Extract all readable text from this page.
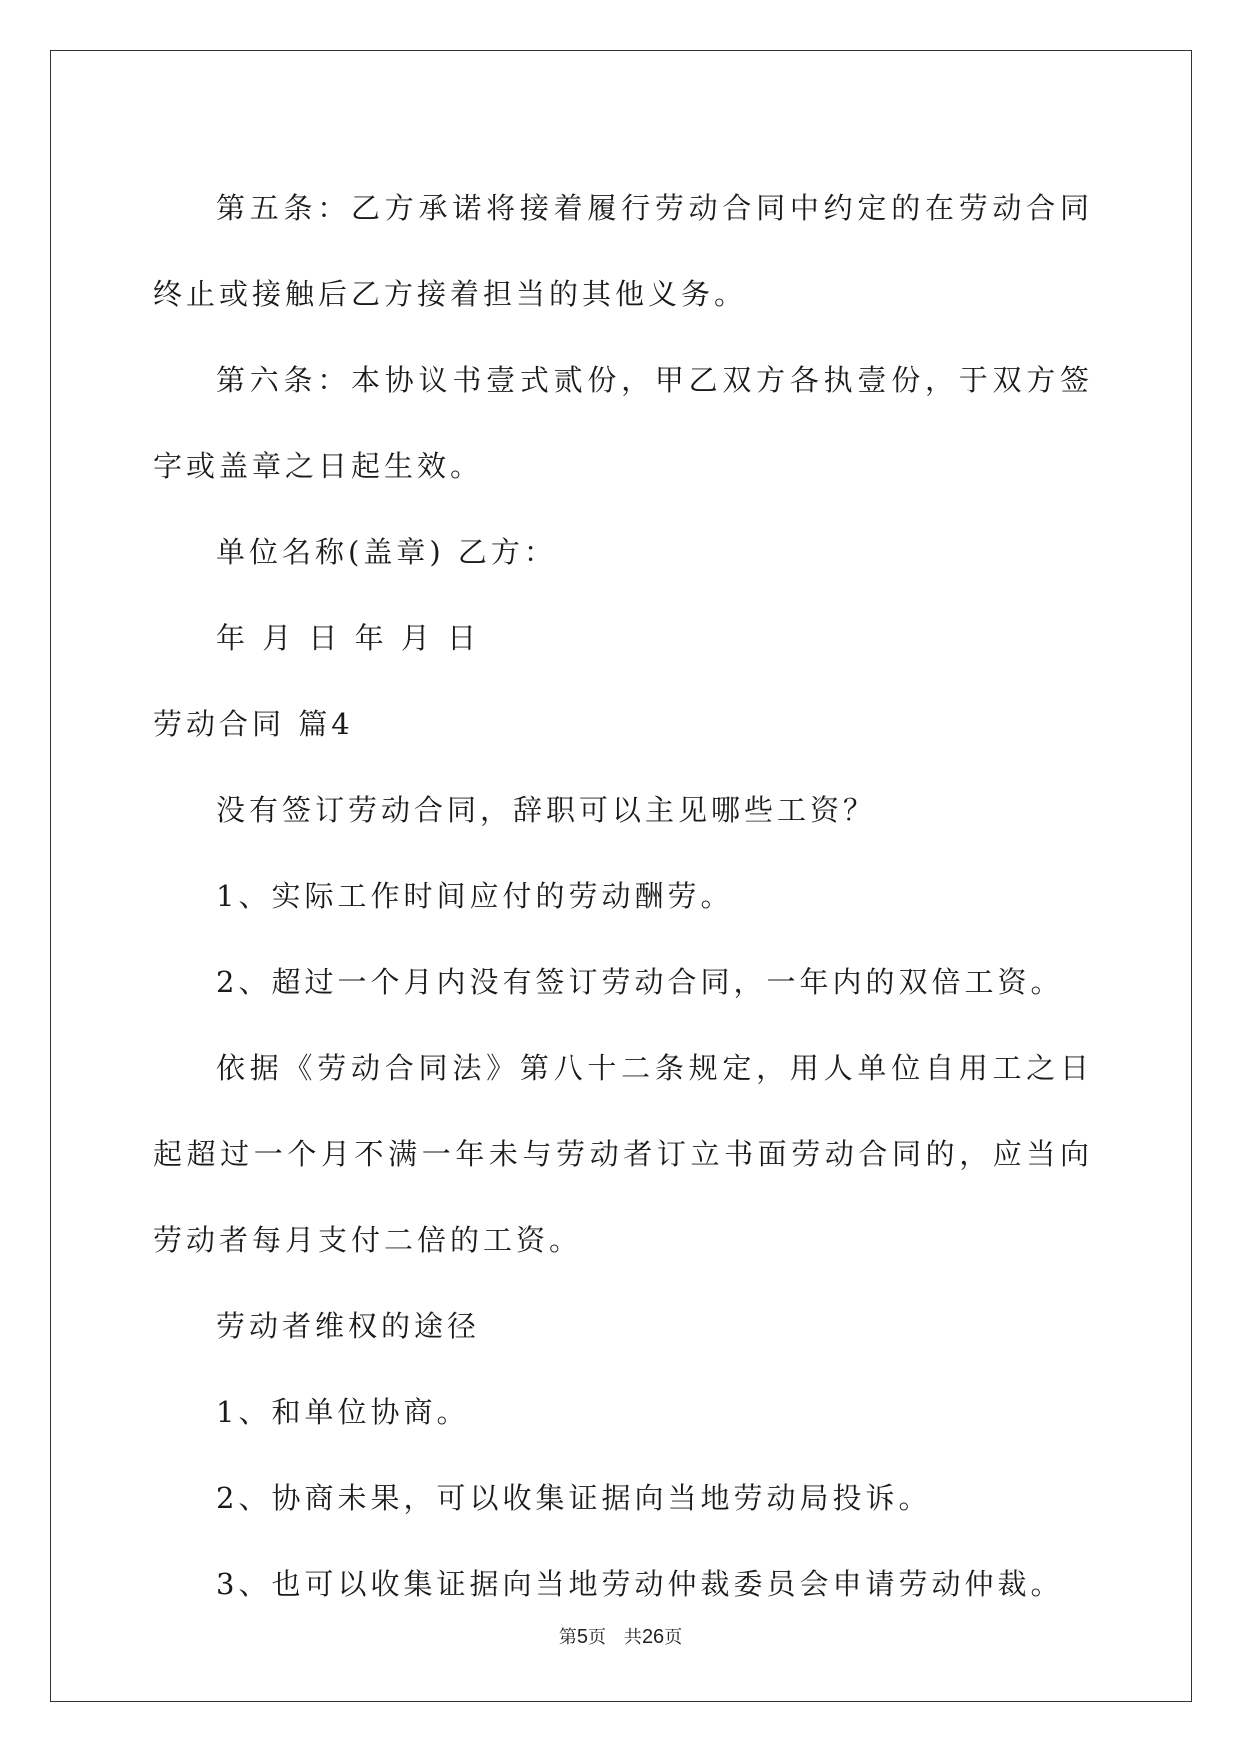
第五条：乙方承诺将接着履行劳动合同中约定的在劳动合同终止或接触后乙方接着担当的其他义务。

第六条：本协议书壹式贰份，甲乙双方各执壹份，于双方签字或盖章之日起生效。

单位名称(盖章) 乙方：

年 月 日 年 月 日

劳动合同 篇4

没有签订劳动合同，辞职可以主见哪些工资？

1、实际工作时间应付的劳动酬劳。

2、超过一个月内没有签订劳动合同，一年内的双倍工资。

依据《劳动合同法》第八十二条规定，用人单位自用工之日起超过一个月不满一年未与劳动者订立书面劳动合同的，应当向劳动者每月支付二倍的工资。

劳动者维权的途径

1、和单位协商。

2、协商未果，可以收集证据向当地劳动局投诉。

3、也可以收集证据向当地劳动仲裁委员会申请劳动仲裁。

第5页　共26页
